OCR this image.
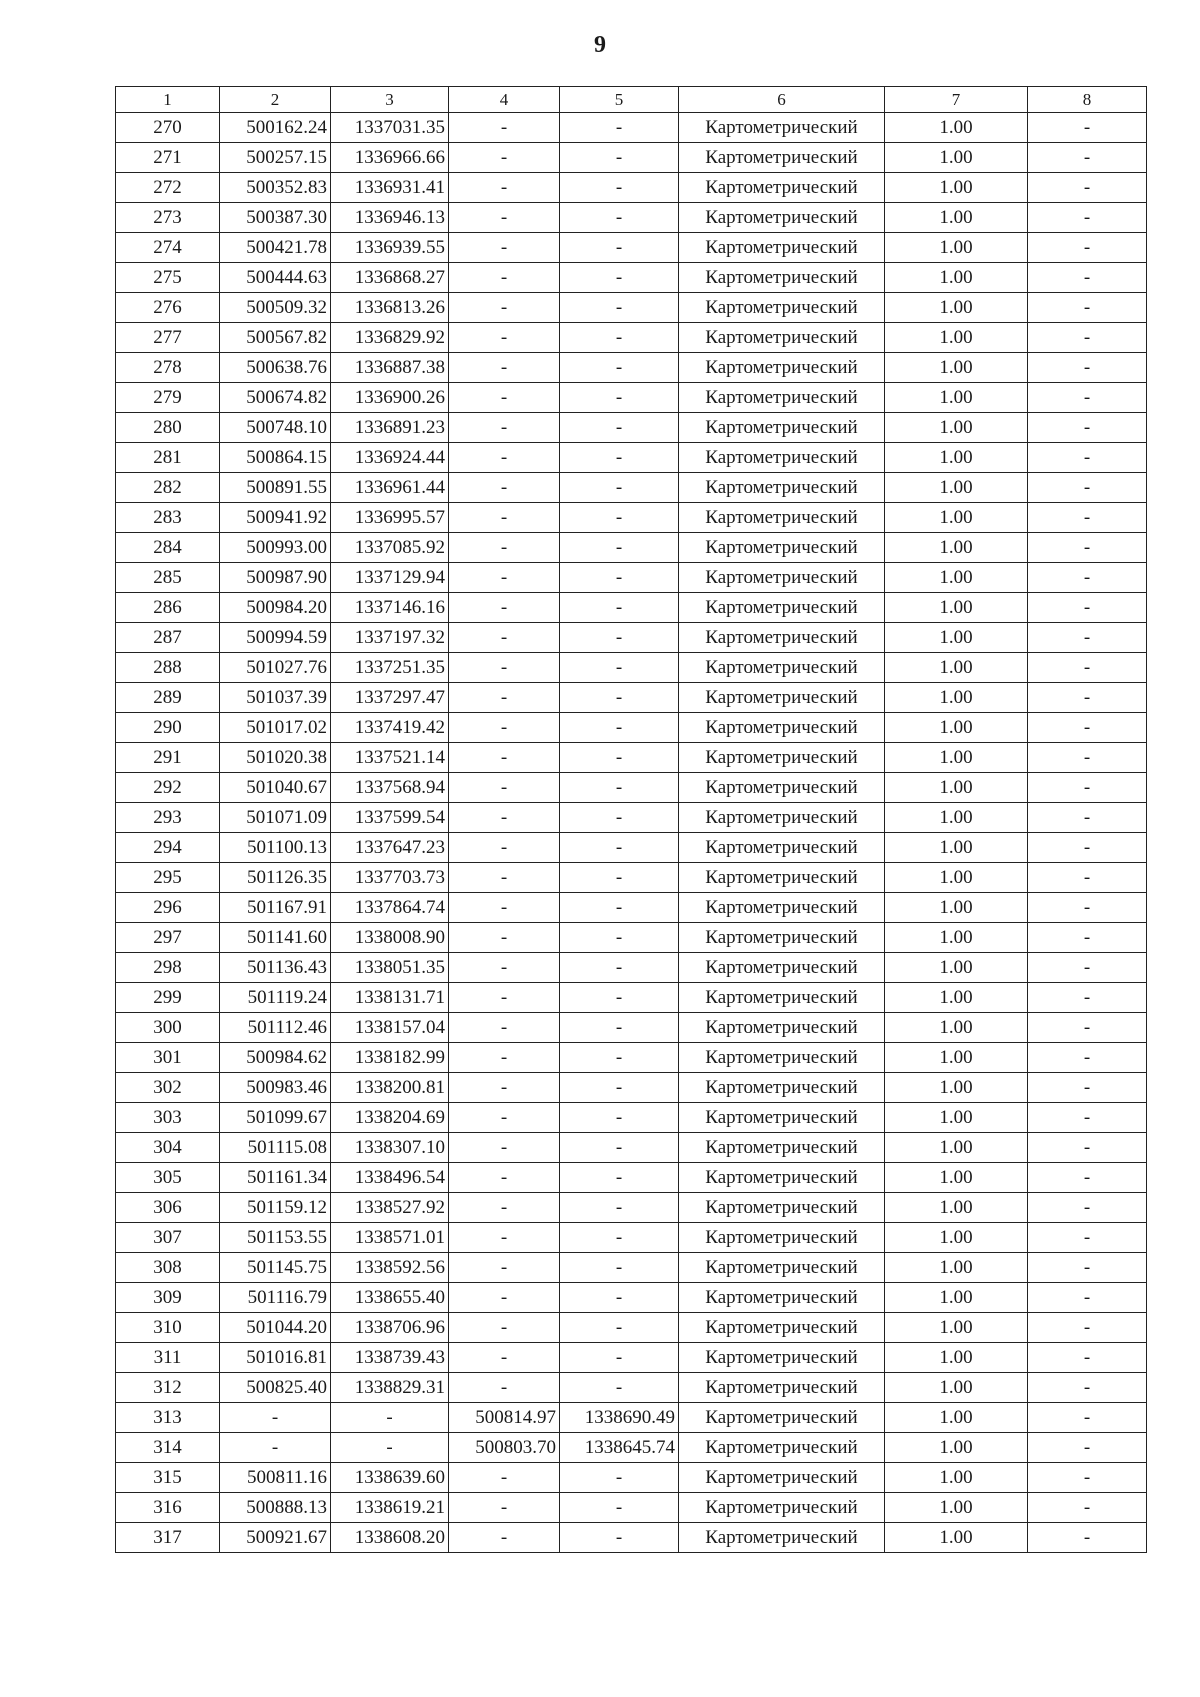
9
1	2	3	4	5	6	7	8
270	500162.24	1337031.35	-	-	Картометрический	1.00	-
271	500257.15	1336966.66	-	-	Картометрический	1.00	-
272	500352.83	1336931.41	-	-	Картометрический	1.00	-
273	500387.30	1336946.13	-	-	Картометрический	1.00	-
274	500421.78	1336939.55	-	-	Картометрический	1.00	-
275	500444.63	1336868.27	-	-	Картометрический	1.00	-
276	500509.32	1336813.26	-	-	Картометрический	1.00	-
277	500567.82	1336829.92	-	-	Картометрический	1.00	-
278	500638.76	1336887.38	-	-	Картометрический	1.00	-
279	500674.82	1336900.26	-	-	Картометрический	1.00	-
280	500748.10	1336891.23	-	-	Картометрический	1.00	-
281	500864.15	1336924.44	-	-	Картометрический	1.00	-
282	500891.55	1336961.44	-	-	Картометрический	1.00	-
283	500941.92	1336995.57	-	-	Картометрический	1.00	-
284	500993.00	1337085.92	-	-	Картометрический	1.00	-
285	500987.90	1337129.94	-	-	Картометрический	1.00	-
286	500984.20	1337146.16	-	-	Картометрический	1.00	-
287	500994.59	1337197.32	-	-	Картометрический	1.00	-
288	501027.76	1337251.35	-	-	Картометрический	1.00	-
289	501037.39	1337297.47	-	-	Картометрический	1.00	-
290	501017.02	1337419.42	-	-	Картометрический	1.00	-
291	501020.38	1337521.14	-	-	Картометрический	1.00	-
292	501040.67	1337568.94	-	-	Картометрический	1.00	-
293	501071.09	1337599.54	-	-	Картометрический	1.00	-
294	501100.13	1337647.23	-	-	Картометрический	1.00	-
295	501126.35	1337703.73	-	-	Картометрический	1.00	-
296	501167.91	1337864.74	-	-	Картометрический	1.00	-
297	501141.60	1338008.90	-	-	Картометрический	1.00	-
298	501136.43	1338051.35	-	-	Картометрический	1.00	-
299	501119.24	1338131.71	-	-	Картометрический	1.00	-
300	501112.46	1338157.04	-	-	Картометрический	1.00	-
301	500984.62	1338182.99	-	-	Картометрический	1.00	-
302	500983.46	1338200.81	-	-	Картометрический	1.00	-
303	501099.67	1338204.69	-	-	Картометрический	1.00	-
304	501115.08	1338307.10	-	-	Картометрический	1.00	-
305	501161.34	1338496.54	-	-	Картометрический	1.00	-
306	501159.12	1338527.92	-	-	Картометрический	1.00	-
307	501153.55	1338571.01	-	-	Картометрический	1.00	-
308	501145.75	1338592.56	-	-	Картометрический	1.00	-
309	501116.79	1338655.40	-	-	Картометрический	1.00	-
310	501044.20	1338706.96	-	-	Картометрический	1.00	-
311	501016.81	1338739.43	-	-	Картометрический	1.00	-
312	500825.40	1338829.31	-	-	Картометрический	1.00	-
313	-	-	500814.97	1338690.49	Картометрический	1.00	-
314	-	-	500803.70	1338645.74	Картометрический	1.00	-
315	500811.16	1338639.60	-	-	Картометрический	1.00	-
316	500888.13	1338619.21	-	-	Картометрический	1.00	-
317	500921.67	1338608.20	-	-	Картометрический	1.00	-
